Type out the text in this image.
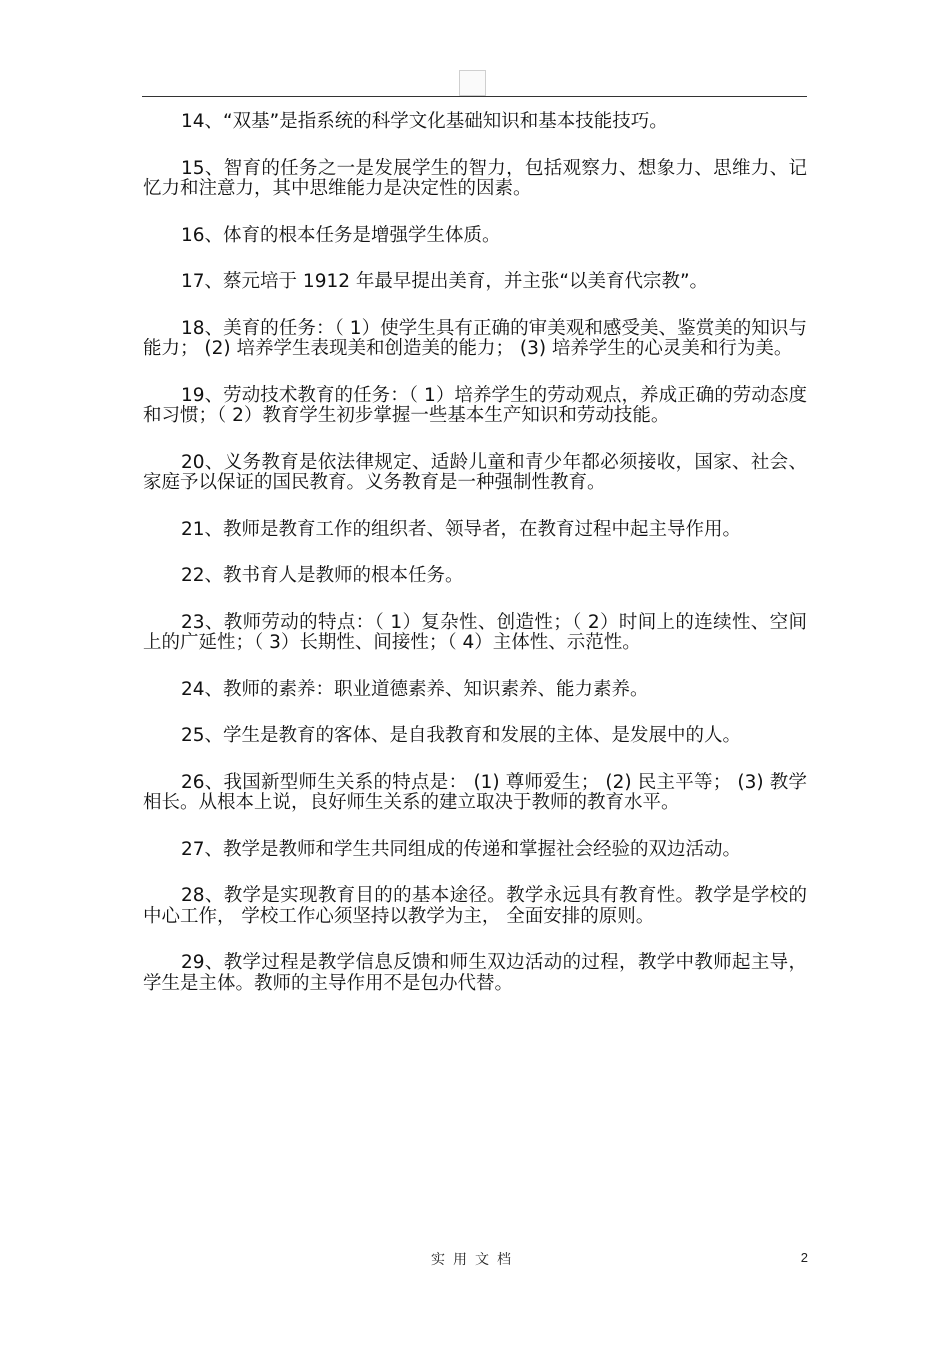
14、“双基”是指系统的科学文化基础知识和基本技能技巧。

15、智育的任务之一是发展学生的智力，包括观察力、想象力、思维力、记忆力和注意力，其中思维能力是决定性的因素。

16、体育的根本任务是增强学生体质。

17、蔡元培于 1912 年最早提出美育，并主张“以美育代宗教”。

18、美育的任务：（ 1）使学生具有正确的审美观和感受美、鉴赏美的知识与能力； (2) 培养学生表现美和创造美的能力； (3) 培养学生的心灵美和行为美。

19、劳动技术教育的任务：（ 1）培养学生的劳动观点，养成正确的劳动态度和习惯；（ 2）教育学生初步掌握一些基本生产知识和劳动技能。

20、义务教育是依法律规定、适龄儿童和青少年都必须接收，国家、社会、家庭予以保证的国民教育。义务教育是一种强制性教育。

21、教师是教育工作的组织者、领导者，在教育过程中起主导作用。

22、教书育人是教师的根本任务。

23、教师劳动的特点：（ 1）复杂性、创造性；（ 2）时间上的连续性、空间上的广延性；（ 3）长期性、间接性；（ 4）主体性、示范性。

24、教师的素养：职业道德素养、知识素养、能力素养。

25、学生是教育的客体、是自我教育和发展的主体、是发展中的人。

26、我国新型师生关系的特点是： (1) 尊师爱生； (2) 民主平等； (3) 教学相长。从根本上说，良好师生关系的建立取决于教师的教育水平。

27、教学是教师和学生共同组成的传递和掌握社会经验的双边活动。

28、教学是实现教育目的的基本途径。教学永远具有教育性。教学是学校的中心工作， 学校工作心须坚持以教学为主， 全面安排的原则。

29、教学过程是教学信息反馈和师生双边活动的过程，教学中教师起主导，学生是主体。教师的主导作用不是包办代替。

实用文档	2
